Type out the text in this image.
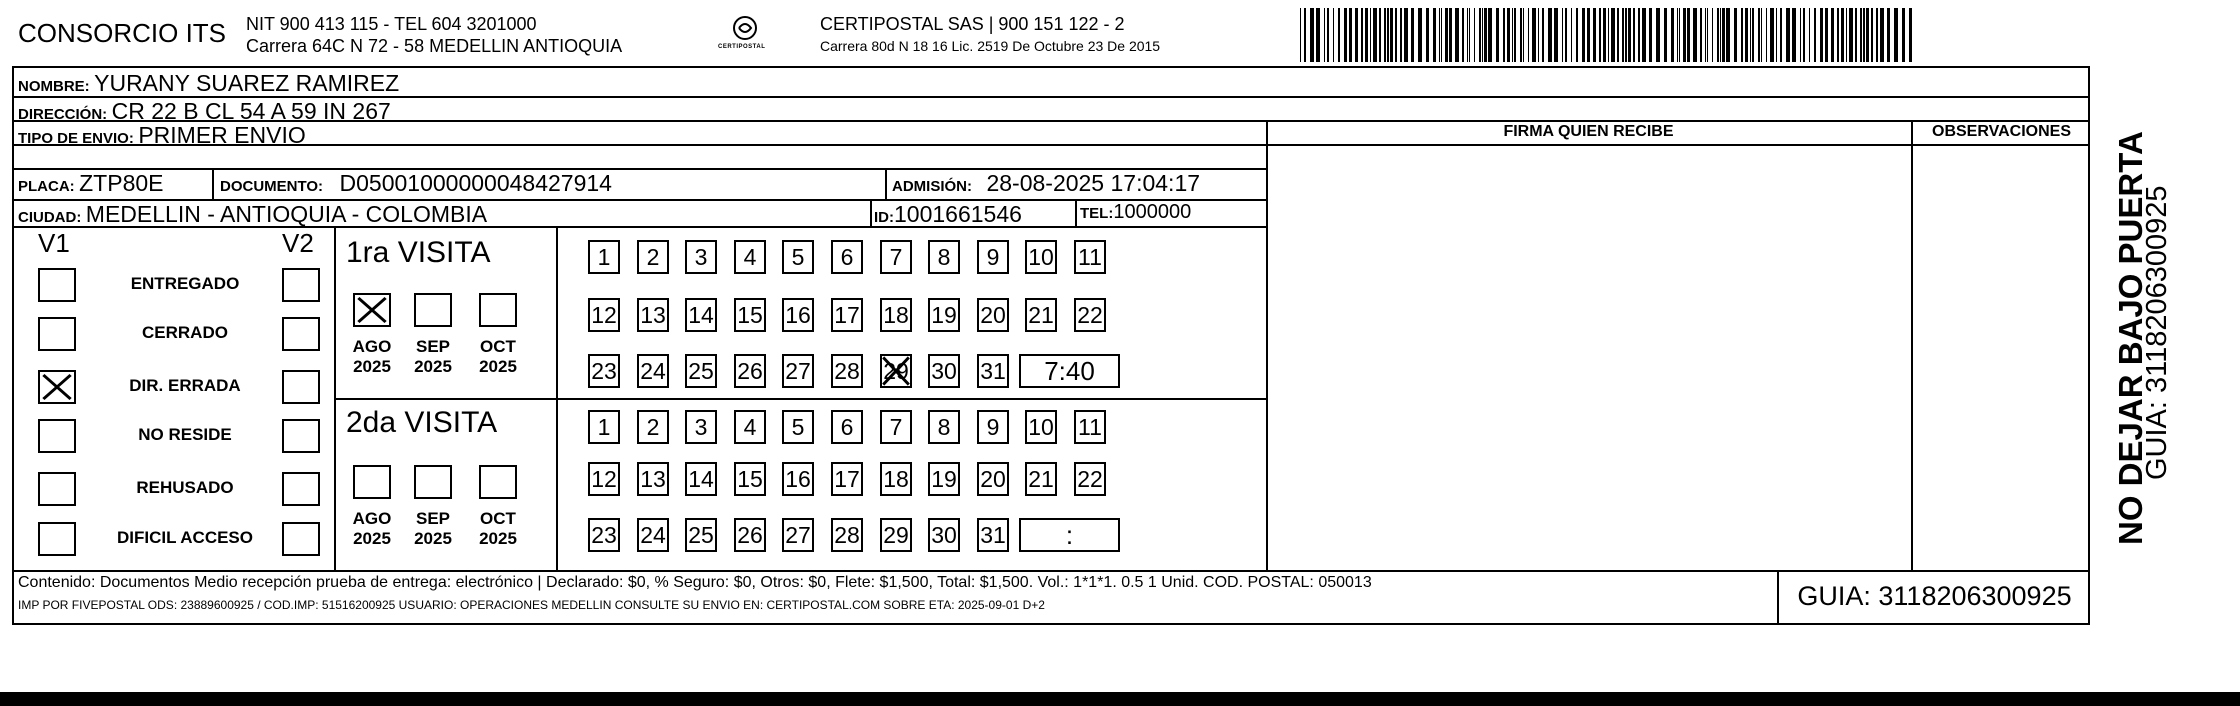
CONSORCIO ITS NIT 900 413 115 - TEL 604 3201000
Carrera 64C N 72 - 58 MEDELLIN ANTIOQUIA	CERTIPOSTAL
CERTIPOSTAL SAS | 900 151 122 - 2
Carrera 80d N 18 16 Lic. 2519 De Octubre 23 De 2015
NOMBRE: YURANY SUAREZ RAMIREZ
DIRECCIÓN: CR 22 B CL 54 A 59 IN 267
TIPO DE ENVIO: PRIMER ENVIO
PLACA: ZTP80E	DOCUMENTO: D05001000000048427914	ADMISIÓN: 28-08-2025 17:04:17
CIUDAD: MEDELLIN - ANTIOQUIA - COLOMBIA	ID:1001661546	TEL:1000000
FIRMA QUIEN RECIBE	OBSERVACIONES
V1	V2
ENTREGADO
CERRADO
DIR. ERRADA
NO RESIDE
REHUSADO
DIFICIL ACCESO
1ra VISITA
2da VISITA
AGO
2025
SEP
2025
OCT
2025
AGO
2025
SEP
2025
OCT
2025
1	2	3	4	5	6	7	8	9	10 11
12 13 14 15 16 17 18 19 20 21 22
23 24 25 26 27 28 29 30 31	7:40
1	2	3	4	5	6	7	8	9	10 11
12 13 14 15 16 17 18 19 20 21 22
23 24 25 26 27 28 29 30 31	:
Contenido: Documentos Medio recepción prueba de entrega: electrónico | Declarado: $0, % Seguro: $0, Otros: $0, Flete: $1,500, Total: $1,500. Vol.: 1*1*1. 0.5 1 Unid. COD. POSTAL: 050013
IMP POR FIVEPOSTAL ODS: 23889600925 / COD.IMP: 51516200925 USUARIO: OPERACIONES MEDELLIN CONSULTE SU ENVIO EN: CERTIPOSTAL.COM SOBRE ETA: 2025-09-01 D+2	GUIA: 3118206300925
NO DEJAR BAJO PUERTA
GUIA: 3118206300925
